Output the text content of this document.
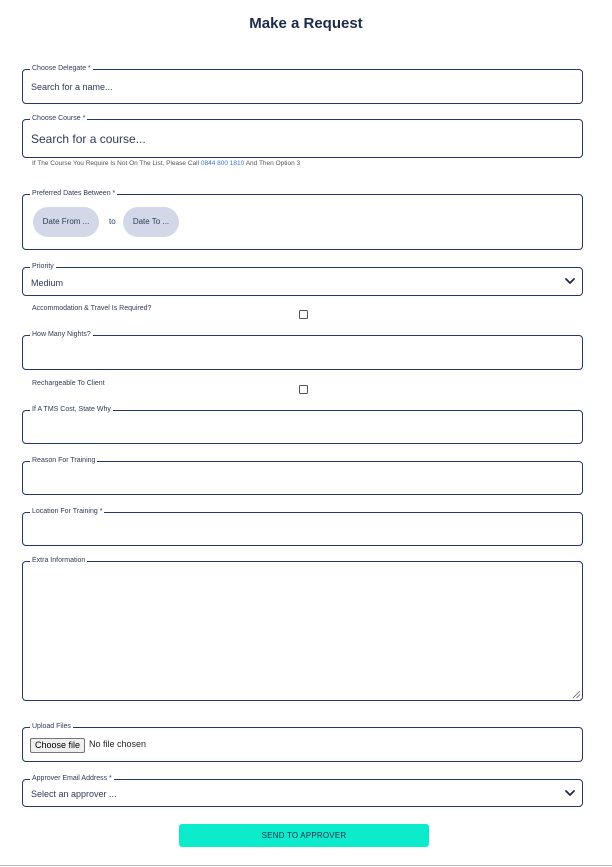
Make a Request
Choose Delegate *
Search for a name...
Choose Course *
Search for a course...
If The Course You Require Is Not On The List, Please Call 0844 800 1810 And Then Option 3
Preferred Dates Between *
Date From ...	to	Date To ...
Priority
Medium
Accommodation & Travel Is Required?
How Many Nights?
Rechargeable To Client
If A TMS Cost, State Why
Reason For Training
Location For Training *
Extra Information
Upload Files
Choose file No file chosen
Approver Email Address *
Select an approver ...
SEND TO APPROVER
